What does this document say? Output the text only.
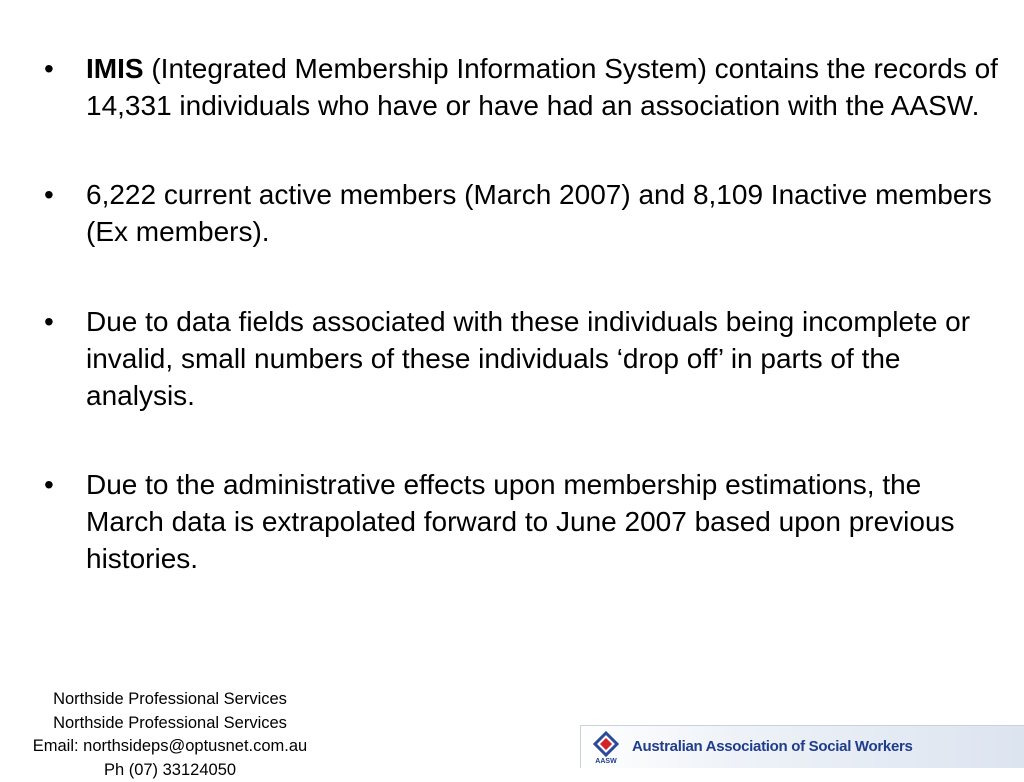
• IMIS (Integrated Membership Information System) contains the records of 14,331 individuals who have or have had an association with the AASW.
• 6,222 current active members (March 2007) and 8,109 Inactive members (Ex members).
• Due to data fields associated with these individuals being incomplete or invalid, small numbers of these individuals ‘drop off’ in parts of the analysis.
• Due to the administrative effects upon membership estimations, the March data is extrapolated forward to June 2007 based upon previous histories.
Northside Professional Services
Northside Professional Services
Email: northsideps@optusnet.com.au
Ph (07) 33124050	AASW
Australian Association of Social Workers
